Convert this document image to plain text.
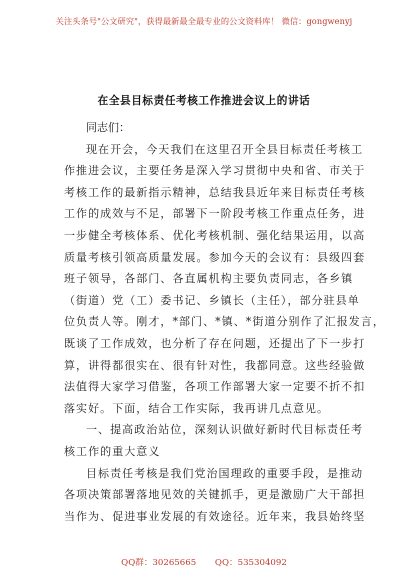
关注头条号"公文研究"，获得最新最全最专业的公文资料库！ 微信：gongwenyj
在全县目标责任考核工作推进会议上的讲话

同志们：

现在开会，今天我们在这里召开全县目标责任考核工

作推进会议，主要任务是深入学习贯彻中央和省、市关于

考核工作的最新指示精神，总结我县近年来目标责任考核

工作的成效与不足，部署下一阶段考核工作重点任务，进

一步健全考核体系、优化考核机制、强化结果运用，以高

质量考核引领高质量发展。参加今天的会议有：县级四套

班子领导，各部门、各直属机构主要负责同志，各乡镇

（街道）党（工）委书记、乡镇长（主任），部分驻县单

位负责人等。刚才，*部门、*镇、*街道分别作了汇报发言，

既谈了工作成效，也分析了存在问题，还提出了下一步打

算，讲得都很实在、很有针对性，我都同意。这些经验做

法值得大家学习借鉴，各项工作部署大家一定要不折不扣

落实好。下面，结合工作实际，我再讲几点意见。

一、提高政治站位，深刻认识做好新时代目标责任考

核工作的重大意义

目标责任考核是我们党治国理政的重要手段，是推动

各项决策部署落地见效的关键抓手，更是激励广大干部担

当作为、促进事业发展的有效途径。近年来，我县始终坚

QQ群：30265665 QQ：535304092
